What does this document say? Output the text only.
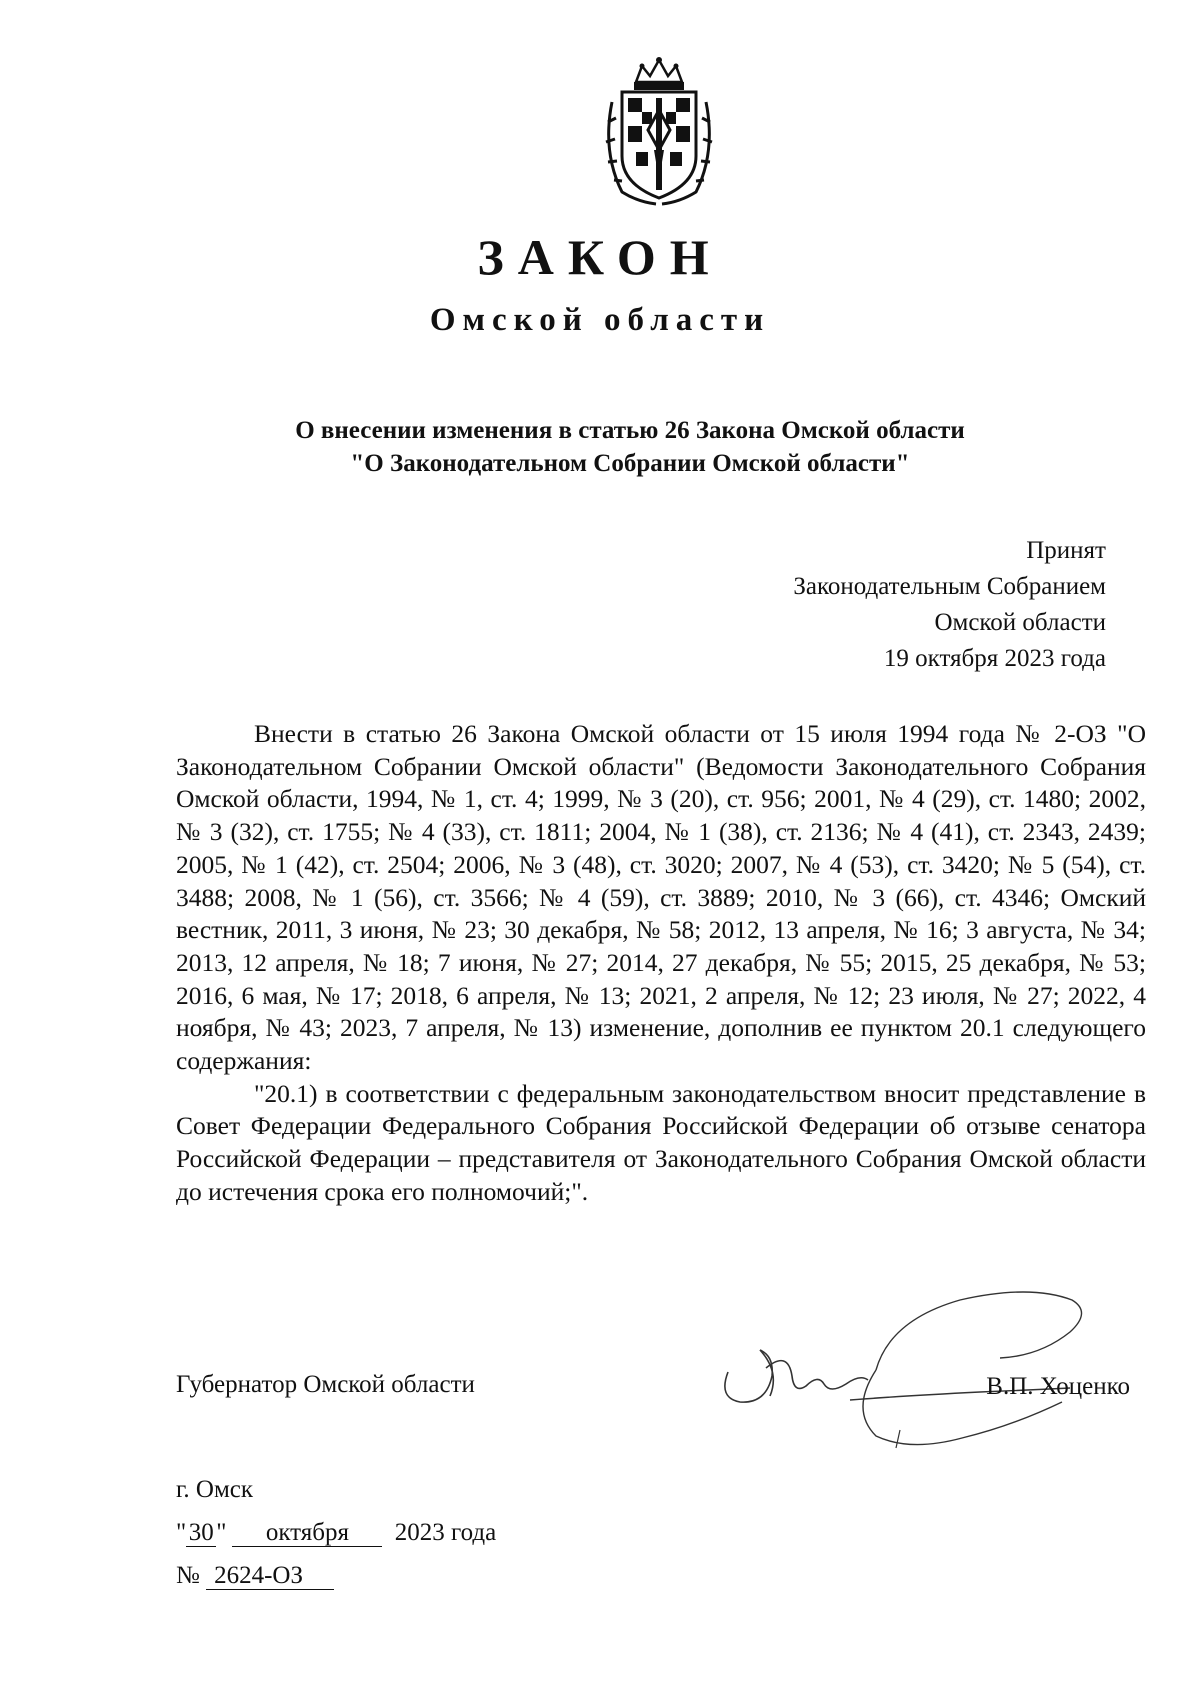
ЗАКОН
Омской области
О внесении изменения в статью 26 Закона Омской области
"О Законодательном Собрании Омской области"
Принят
Законодательным Собранием
Омской области
19 октября 2023 года

Внести в статью 26 Закона Омской области от 15 июля 1994 года № 2-ОЗ "О Законодательном Собрании Омской области" (Ведомости Законодательного Собрания Омской области, 1994, № 1, ст. 4; 1999, № 3 (20), ст. 956; 2001, № 4 (29), ст. 1480; 2002, № 3 (32), ст. 1755; № 4 (33), ст. 1811; 2004, № 1 (38), ст. 2136; № 4 (41), ст. 2343, 2439; 2005, № 1 (42), ст. 2504; 2006, № 3 (48), ст. 3020; 2007, № 4 (53), ст. 3420; № 5 (54), ст. 3488; 2008, № 1 (56), ст. 3566; № 4 (59), ст. 3889; 2010, № 3 (66), ст. 4346; Омский вестник, 2011, 3 июня, № 23; 30 декабря, № 58; 2012, 13 апреля, № 16; 3 августа, № 34; 2013, 12 апреля, № 18; 7 июня, № 27; 2014, 27 декабря, № 55; 2015, 25 декабря, № 53; 2016, 6 мая, № 17; 2018, 6 апреля, № 13; 2021, 2 апреля, № 12; 23 июля, № 27; 2022, 4 ноября, № 43; 2023, 7 апреля, № 13) изменение, дополнив ее пунктом 20.1 следующего содержания:

"20.1) в соответствии с федеральным законодательством вносит представление в Совет Федерации Федерального Собрания Российской Федерации об отзыве сенатора Российской Федерации – представителя от Законодательного Собрания Омской области до истечения срока его полномочий;".

Губернатор Омской области	В.П. Хоценко
г. Омск
" 30 " октября 2023 года
№ 2624-ОЗ
